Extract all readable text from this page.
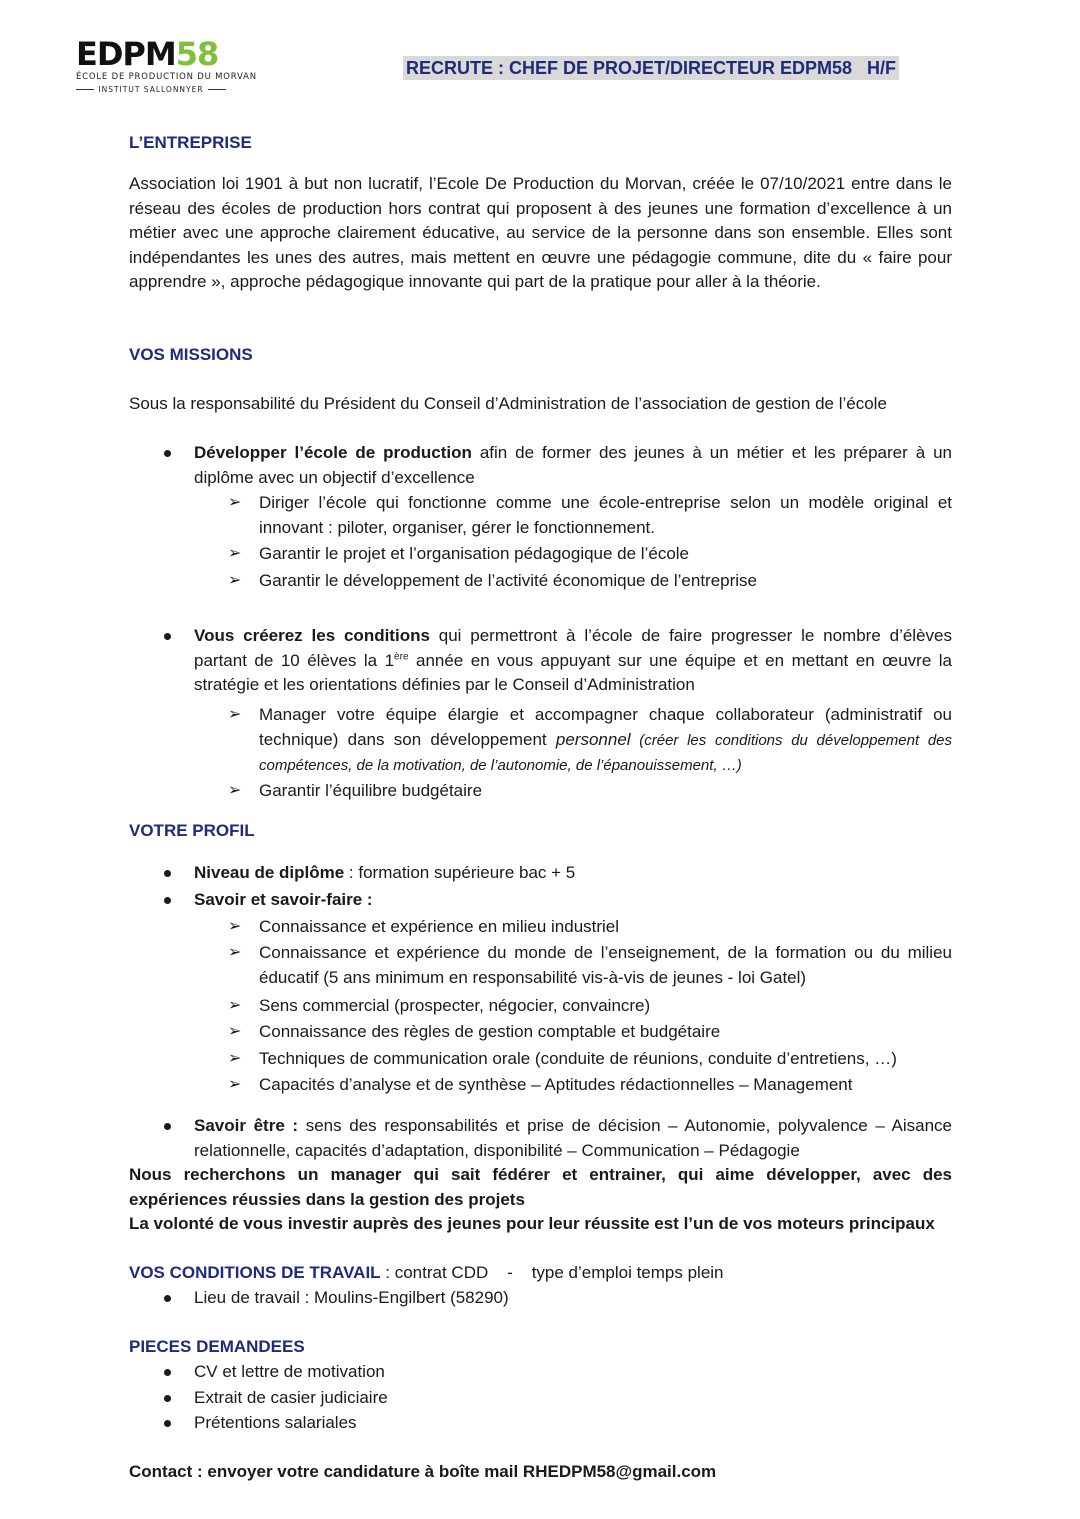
EDPM58
ÉCOLE DE PRODUCTION DU MORVAN
INSTITUT SALLONNYER
RECRUTE : CHEF DE PROJET/DIRECTEUR EDPM58   H/F
L’ENTREPRISE
Association loi 1901 à but non lucratif, l’Ecole De Production du Morvan, créée le 07/10/2021 entre dans le réseau des écoles de production hors contrat qui proposent à des jeunes une formation d’excellence à un métier avec une approche clairement éducative, au service de la personne dans son ensemble. Elles sont indépendantes les unes des autres, mais mettent en œuvre une pédagogie commune, dite du « faire pour apprendre », approche pédagogique innovante qui part de la pratique pour aller à la théorie.
VOS MISSIONS
Sous la responsabilité du Président du Conseil d’Administration de l’association de gestion de l’école
Développer l’école de production afin de former des jeunes à un métier et les préparer à un diplôme avec un objectif d’excellence
➢ Diriger l’école qui fonctionne comme une école-entreprise selon un modèle original et innovant : piloter, organiser, gérer le fonctionnement.
➢ Garantir le projet et l’organisation pédagogique de l’école
➢ Garantir le développement de l’activité économique de l’entreprise
Vous créerez les conditions qui permettront à l’école de faire progresser le nombre d’élèves partant de 10 élèves la 1ère année en vous appuyant sur une équipe et en mettant en œuvre la stratégie et les orientations définies par le Conseil d’Administration
➢ Manager votre équipe élargie et accompagner chaque collaborateur (administratif ou technique) dans son développement personnel (créer les conditions du développement des compétences, de la motivation, de l’autonomie, de l’épanouissement, …)
➢ Garantir l’équilibre budgétaire
VOTRE PROFIL
Niveau de diplôme : formation supérieure bac + 5
Savoir et savoir-faire :
➢ Connaissance et expérience en milieu industriel
➢ Connaissance et expérience du monde de l’enseignement, de la formation ou du milieu éducatif (5 ans minimum en responsabilité vis-à-vis de jeunes - loi Gatel)
➢ Sens commercial (prospecter, négocier, convaincre)
➢ Connaissance des règles de gestion comptable et budgétaire
➢ Techniques de communication orale (conduite de réunions, conduite d’entretiens, …)
➢ Capacités d’analyse et de synthèse – Aptitudes rédactionnelles – Management
Savoir être : sens des responsabilités et prise de décision – Autonomie, polyvalence – Aisance relationnelle, capacités d’adaptation, disponibilité – Communication – Pédagogie
Nous recherchons un manager qui sait fédérer et entrainer, qui aime développer, avec des expériences réussies dans la gestion des projets
La volonté de vous investir auprès des jeunes pour leur réussite est l’un de vos moteurs principaux
VOS CONDITIONS DE TRAVAIL : contrat CDD    -    type d’emploi temps plein
Lieu de travail : Moulins-Engilbert (58290)
PIECES DEMANDEES
CV et lettre de motivation
Extrait de casier judiciaire
Prétentions salariales
Contact : envoyer votre candidature à boîte mail RHEDPM58@gmail.com
